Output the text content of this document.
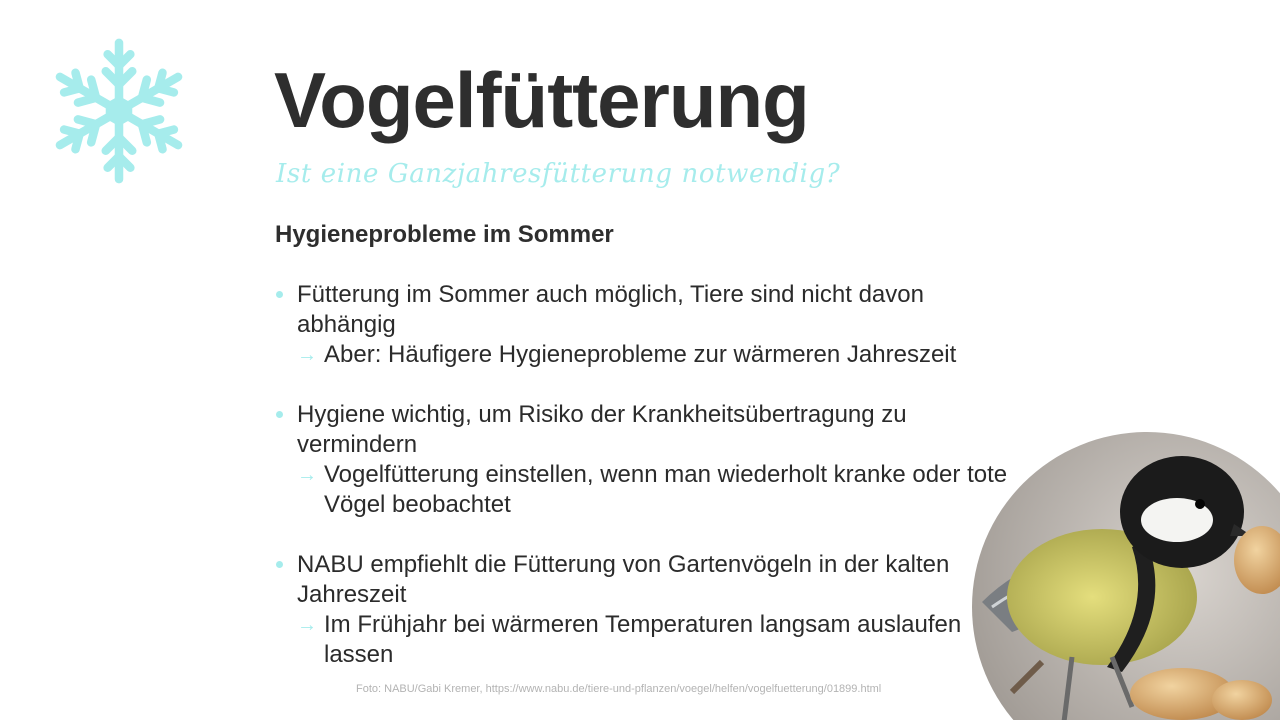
Vogelfütterung
Ist eine Ganzjahresfütterung notwendig?
Hygieneprobleme im Sommer
Fütterung im Sommer auch möglich, Tiere sind nicht davon abhängig
→ Aber: Häufigere Hygieneprobleme zur wärmeren Jahreszeit
Hygiene wichtig, um Risiko der Krankheitsübertragung zu vermindern
→ Vogelfütterung einstellen, wenn man wiederholt kranke oder tote Vögel beobachtet
NABU empfiehlt die Fütterung von Gartenvögeln in der kalten Jahreszeit
→ Im Frühjahr bei wärmeren Temperaturen langsam auslaufen lassen
Foto: NABU/Gabi Kremer, https://www.nabu.de/tiere-und-pflanzen/voegel/helfen/vogelfuetterung/01899.html
